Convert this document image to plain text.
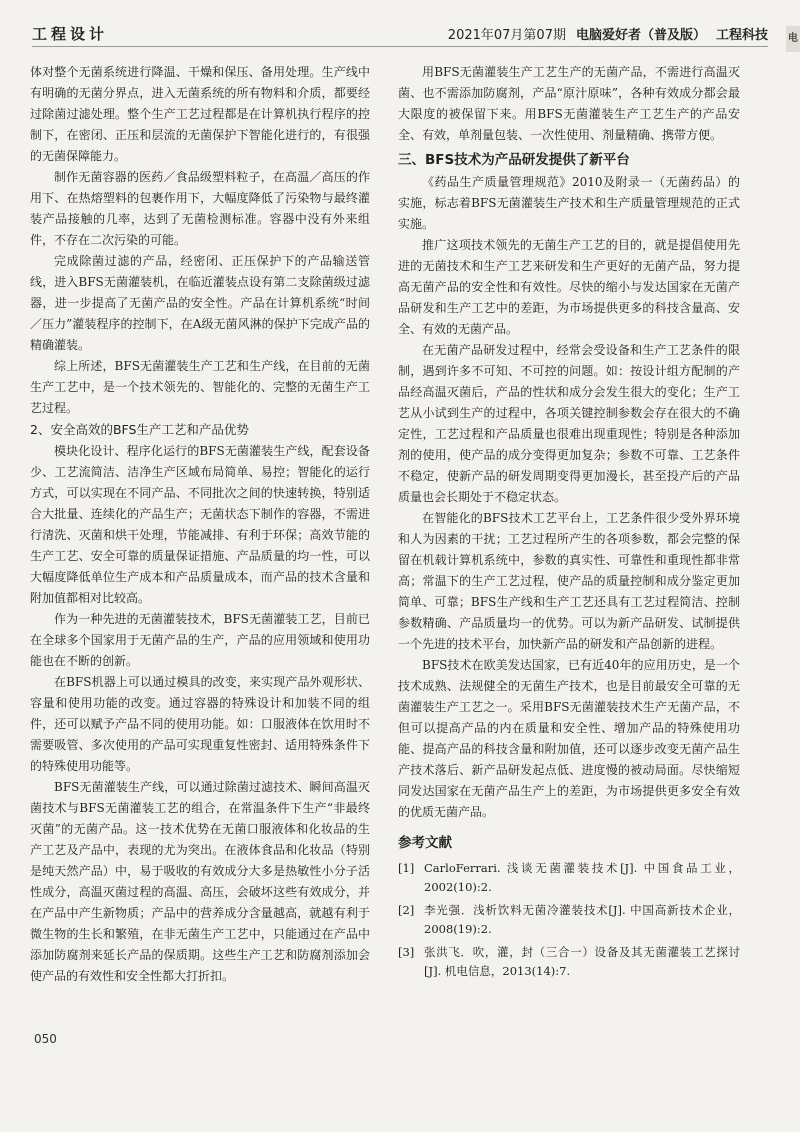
工程设计	2021年07月第07期 电脑爱好者（普及版） 工程科技 电

体对整个无菌系统进行降温、干燥和保压、备用处理。生产线中有明确的无菌分界点，进入无菌系统的所有物料和介质，都要经过除菌过滤处理。整个生产工艺过程都是在计算机执行程序的控制下，在密闭、正压和层流的无菌保护下智能化进行的，有很强的无菌保障能力。

制作无菌容器的医药／食品级塑料粒子，在高温／高压的作用下、在热熔塑料的包裹作用下，大幅度降低了污染物与最终灌装产品接触的几率，达到了无菌检测标准。容器中没有外来组件，不存在二次污染的可能。

完成除菌过滤的产品，经密闭、正压保护下的产品输送管线，进入BFS无菌灌装机，在临近灌装点设有第二支除菌级过滤器，进一步提高了无菌产品的安全性。产品在计算机系统“时间／压力”灌装程序的控制下，在A级无菌风淋的保护下完成产品的精确灌装。

综上所述，BFS无菌灌装生产工艺和生产线，在目前的无菌生产工艺中，是一个技术领先的、智能化的、完整的无菌生产工艺过程。

2、安全高效的BFS生产工艺和产品优势

模块化设计、程序化运行的BFS无菌灌装生产线，配套设备少、工艺流简洁、洁净生产区域布局简单、易控；智能化的运行方式，可以实现在不同产品、不同批次之间的快速转换，特别适合大批量、连续化的产品生产；无菌状态下制作的容器，不需进行清洗、灭菌和烘干处理，节能减排、有利于环保；高效节能的生产工艺、安全可靠的质量保证措施、产品质量的均一性，可以大幅度降低单位生产成本和产品质量成本，而产品的技术含量和附加值都相对比较高。

作为一种先进的无菌灌装技术，BFS无菌灌装工艺，目前已在全球多个国家用于无菌产品的生产，产品的应用领域和使用功能也在不断的创新。

在BFS机器上可以通过模具的改变，来实现产品外观形状、容量和使用功能的改变。通过容器的特殊设计和加装不同的组件，还可以赋予产品不同的使用功能。如：口服液体在饮用时不需要吸管、多次使用的产品可实现重复性密封、适用特殊条件下的特殊使用功能等。

BFS无菌灌装生产线，可以通过除菌过滤技术、瞬间高温灭菌技术与BFS无菌灌装工艺的组合，在常温条件下生产“非最终灭菌”的无菌产品。这一技术优势在无菌口服液体和化妆品的生产工艺及产品中，表现的尤为突出。在液体食品和化妆品（特别是纯天然产品）中，易于吸收的有效成分大多是热敏性小分子活性成分，高温灭菌过程的高温、高压，会破坏这些有效成分，并在产品中产生新物质；产品中的营养成分含量越高，就越有利于微生物的生长和繁殖，在非无菌生产工艺中，只能通过在产品中添加防腐剂来延长产品的保质期。这些生产工艺和防腐剂添加会使产品的有效性和安全性都大打折扣。

用BFS无菌灌装生产工艺生产的无菌产品，不需进行高温灭菌、也不需添加防腐剂，产品“原汁原味”，各种有效成分都会最大限度的被保留下来。用BFS无菌灌装生产工艺生产的产品安全、有效，单剂量包装、一次性使用、剂量精确、携带方便。

三、BFS技术为产品研发提供了新平台

《药品生产质量管理规范》2010及附录一（无菌药品）的实施，标志着BFS无菌灌装生产技术和生产质量管理规范的正式实施。

推广这项技术领先的无菌生产工艺的目的，就是提倡使用先进的无菌技术和生产工艺来研发和生产更好的无菌产品，努力提高无菌产品的安全性和有效性。尽快的缩小与发达国家在无菌产品研发和生产工艺中的差距，为市场提供更多的科技含量高、安全、有效的无菌产品。

在无菌产品研发过程中，经常会受设备和生产工艺条件的限制，遇到许多不可知、不可控的问题。如：按设计组方配制的产品经高温灭菌后，产品的性状和成分会发生很大的变化；生产工艺从小试到生产的过程中，各项关键控制参数会存在很大的不确定性，工艺过程和产品质量也很难出现重现性；特别是各种添加剂的使用，使产品的成分变得更加复杂；参数不可靠、工艺条件不稳定，使新产品的研发周期变得更加漫长，甚至投产后的产品质量也会长期处于不稳定状态。

在智能化的BFS技术工艺平台上，工艺条件很少受外界环境和人为因素的干扰；工艺过程所产生的各项参数，都会完整的保留在机载计算机系统中，参数的真实性、可靠性和重现性都非常高；常温下的生产工艺过程，使产品的质量控制和成分鉴定更加简单、可靠；BFS生产线和生产工艺还具有工艺过程简洁、控制参数精确、产品质量均一的优势。可以为新产品研发、试制提供一个先进的技术平台，加快新产品的研发和产品创新的进程。

BFS技术在欧美发达国家，已有近40年的应用历史，是一个技术成熟、法规健全的无菌生产技术，也是目前最安全可靠的无菌灌装生产工艺之一。采用BFS无菌灌装技术生产无菌产品，不但可以提高产品的内在质量和安全性、增加产品的特殊使用功能、提高产品的科技含量和附加值，还可以逐步改变无菌产品生产技术落后、新产品研发起点低、进度慢的被动局面。尽快缩短同发达国家在无菌产品生产上的差距，为市场提供更多安全有效的优质无菌产品。

参考文献
[1] CarloFerrari. 浅谈无菌灌装技术[J]. 中国食品工业，2002(10):2.
[2] 李光强．浅析饮料无菌冷灌装技术[J]. 中国高新技术企业，2008(19):2.
[3] 张洪飞．吹，灌，封（三合一）设备及其无菌灌装工艺探讨[J]. 机电信息，2013(14):7.
050
